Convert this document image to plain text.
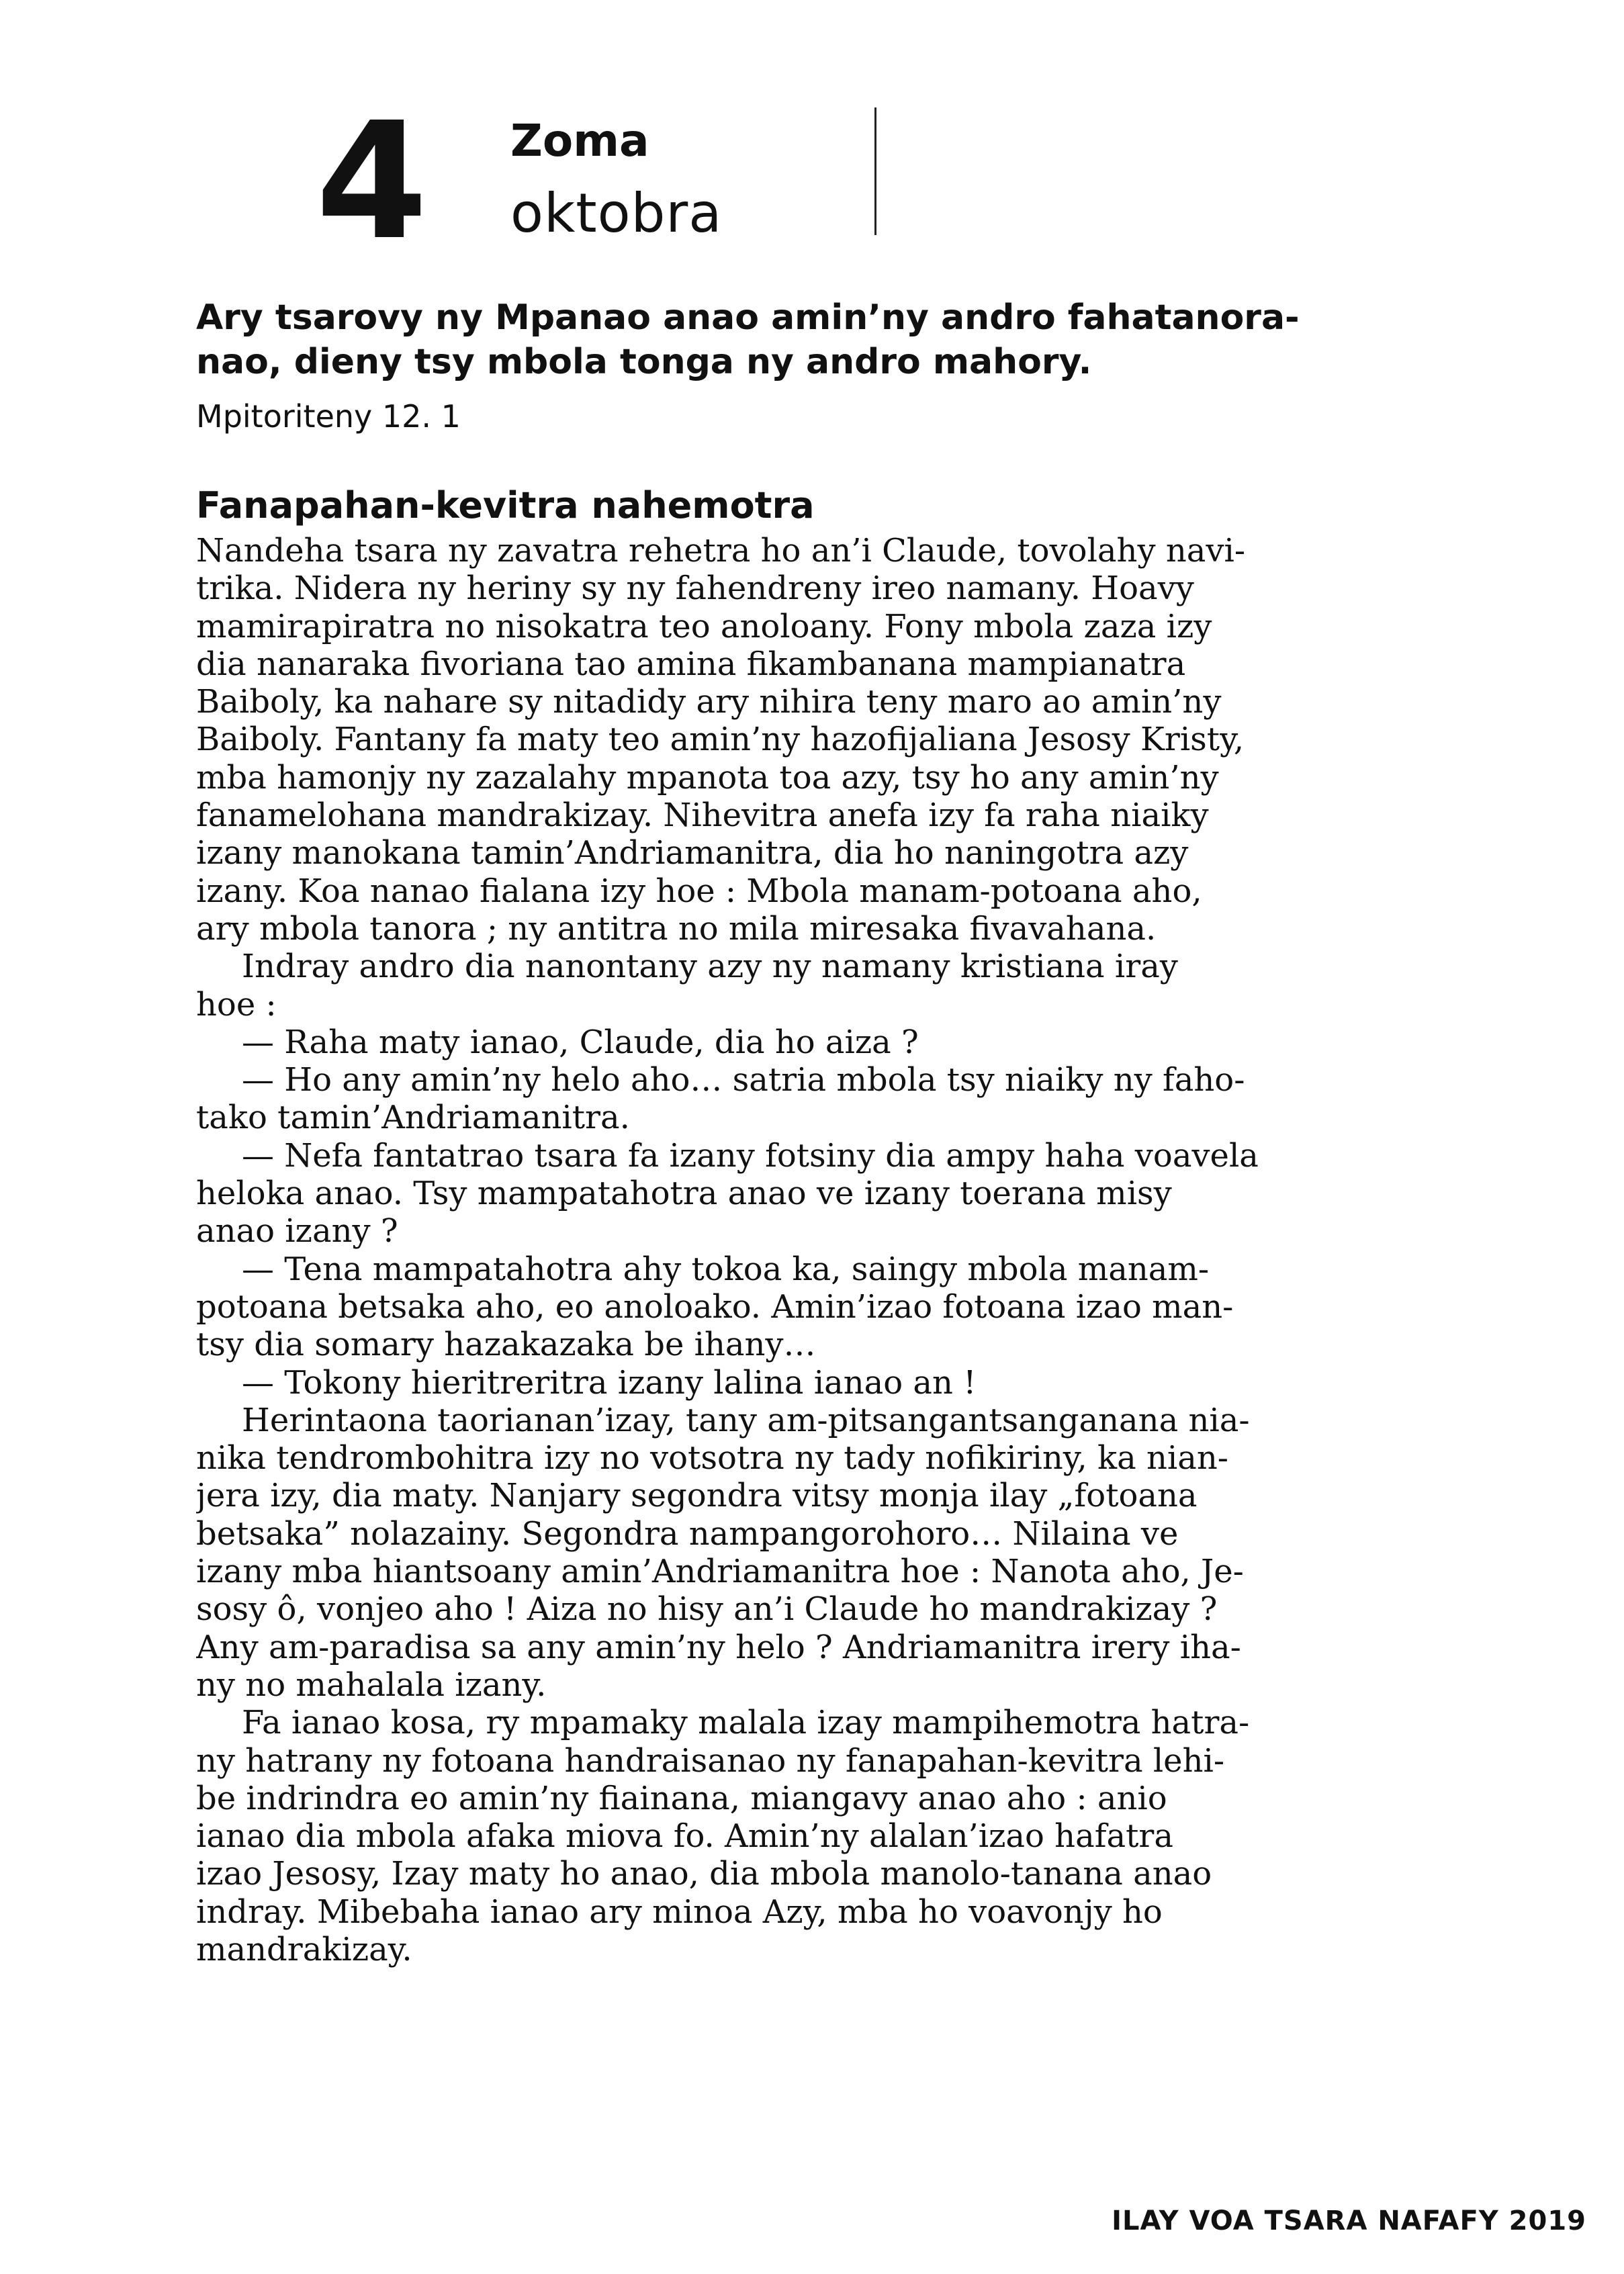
4 Zoma
oktobra
Ary tsarovy ny Mpanao anao amin’ny andro fahatanora-
nao, dieny tsy mbola tonga ny andro mahory.
Mpitoriteny 12. 1
Fanapahan-kevitra nahemotra
Nandeha tsara ny zavatra rehetra ho an’i Claude, tovolahy navi-
trika. Nidera ny heriny sy ny fahendreny ireo namany. Hoavy
mamirapiratra no nisokatra teo anoloany. Fony mbola zaza izy
dia nanaraka fivoriana tao amina fikambanana mampianatra
Baiboly, ka nahare sy nitadidy ary nihira teny maro ao amin’ny
Baiboly. Fantany fa maty teo amin’ny hazofijaliana Jesosy Kristy,
mba hamonjy ny zazalahy mpanota toa azy, tsy ho any amin’ny
fanamelohana mandrakizay. Nihevitra anefa izy fa raha niaiky
izany manokana tamin’Andriamanitra, dia ho naningotra azy
izany. Koa nanao fialana izy hoe : Mbola manam-potoana aho,
ary mbola tanora ; ny antitra no mila miresaka fivavahana.
Indray andro dia nanontany azy ny namany kristiana iray
hoe :
— Raha maty ianao, Claude, dia ho aiza ?
— Ho any amin’ny helo aho… satria mbola tsy niaiky ny faho-
tako tamin’Andriamanitra.
— Nefa fantatrao tsara fa izany fotsiny dia ampy haha voavela
heloka anao. Tsy mampatahotra anao ve izany toerana misy
anao izany ?
— Tena mampatahotra ahy tokoa ka, saingy mbola manam-
potoana betsaka aho, eo anoloako. Amin’izao fotoana izao man-
tsy dia somary hazakazaka be ihany…
— Tokony hieritreritra izany lalina ianao an !
Herintaona taorianan’izay, tany am-pitsangantsanganana nia-
nika tendrombohitra izy no votsotra ny tady nofikiriny, ka nian-
jera izy, dia maty. Nanjary segondra vitsy monja ilay „fotoana
betsaka” nolazainy. Segondra nampangorohoro… Nilaina ve
izany mba hiantsoany amin’Andriamanitra hoe : Nanota aho, Je-
sosy ô, vonjeo aho ! Aiza no hisy an’i Claude ho mandrakizay ?
Any am-paradisa sa any amin’ny helo ? Andriamanitra irery iha-
ny no mahalala izany.
Fa ianao kosa, ry mpamaky malala izay mampihemotra hatra-
ny hatrany ny fotoana handraisanao ny fanapahan-kevitra lehi-
be indrindra eo amin’ny fiainana, miangavy anao aho : anio
ianao dia mbola afaka miova fo. Amin’ny alalan’izao hafatra
izao Jesosy, Izay maty ho anao, dia mbola manolo-tanana anao
indray. Mibebaha ianao ary minoa Azy, mba ho voavonjy ho
mandrakizay.
ILAY VOA TSARA NAFAFY 2019
